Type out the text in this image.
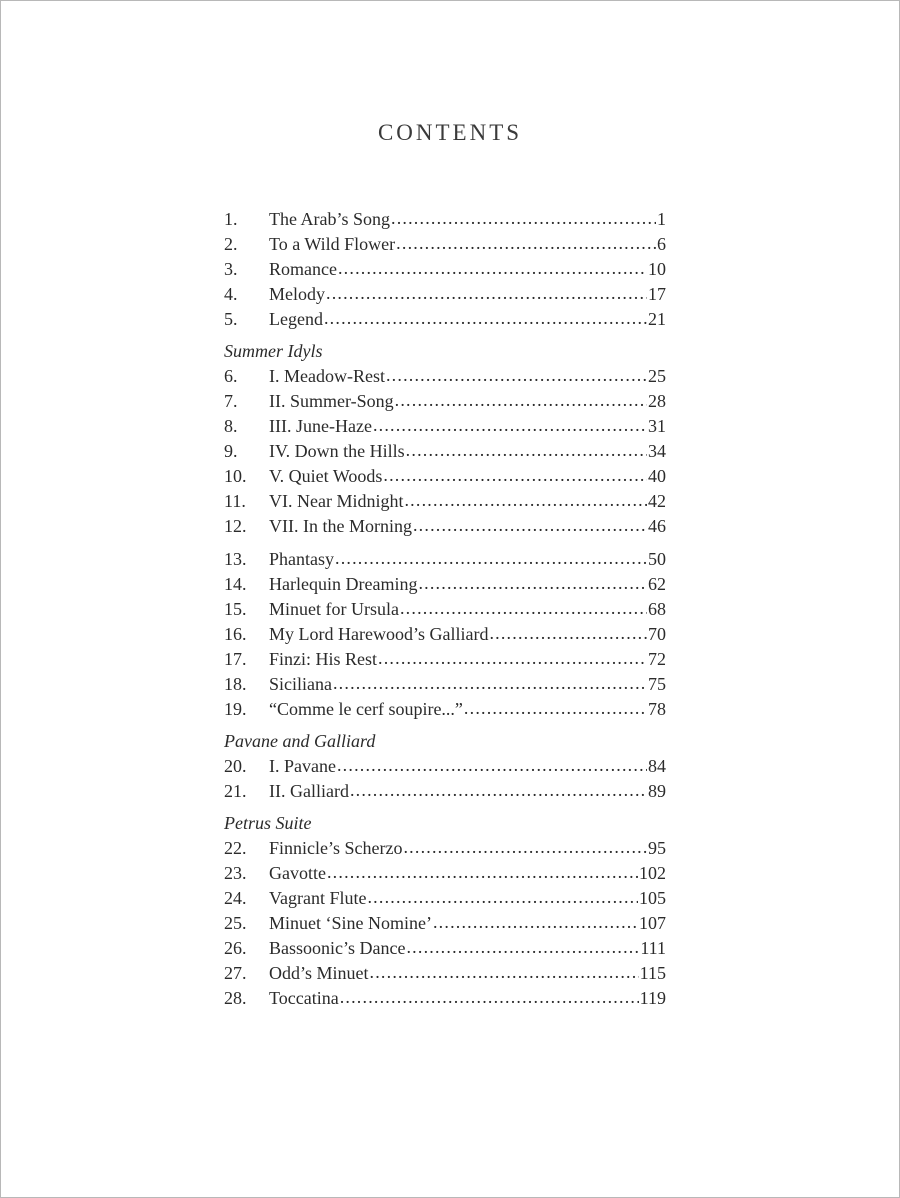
CONTENTS
1.	The Arab’s Song .....	1
2.	To a Wild Flower .....	6
3.	Romance .....	10
4.	Melody .....	17
5.	Legend .....	21
Summer Idyls
6.	I. Meadow-Rest .....	25
7.	II. Summer-Song .....	28
8.	III. June-Haze .....	31
9.	IV. Down the Hills .....	34
10.	V. Quiet Woods .....	40
11.	VI. Near Midnight .....	42
12.	VII. In the Morning .....	46
13.	Phantasy .....	50
14.	Harlequin Dreaming .....	62
15.	Minuet for Ursula .....	68
16.	My Lord Harewood’s Galliard .....	70
17.	Finzi: His Rest .....	72
18.	Siciliana .....	75
19.	“Comme le cerf soupire...” .....	78
Pavane and Galliard
20.	I. Pavane .....	84
21.	II. Galliard .....	89
Petrus Suite
22.	Finnicle’s Scherzo .....	95
23.	Gavotte .....	102
24.	Vagrant Flute .....	105
25.	Minuet ‘Sine Nomine’ .....	107
26.	Bassoonic’s Dance .....	111
27.	Odd’s Minuet .....	115
28.	Toccatina .....	119
